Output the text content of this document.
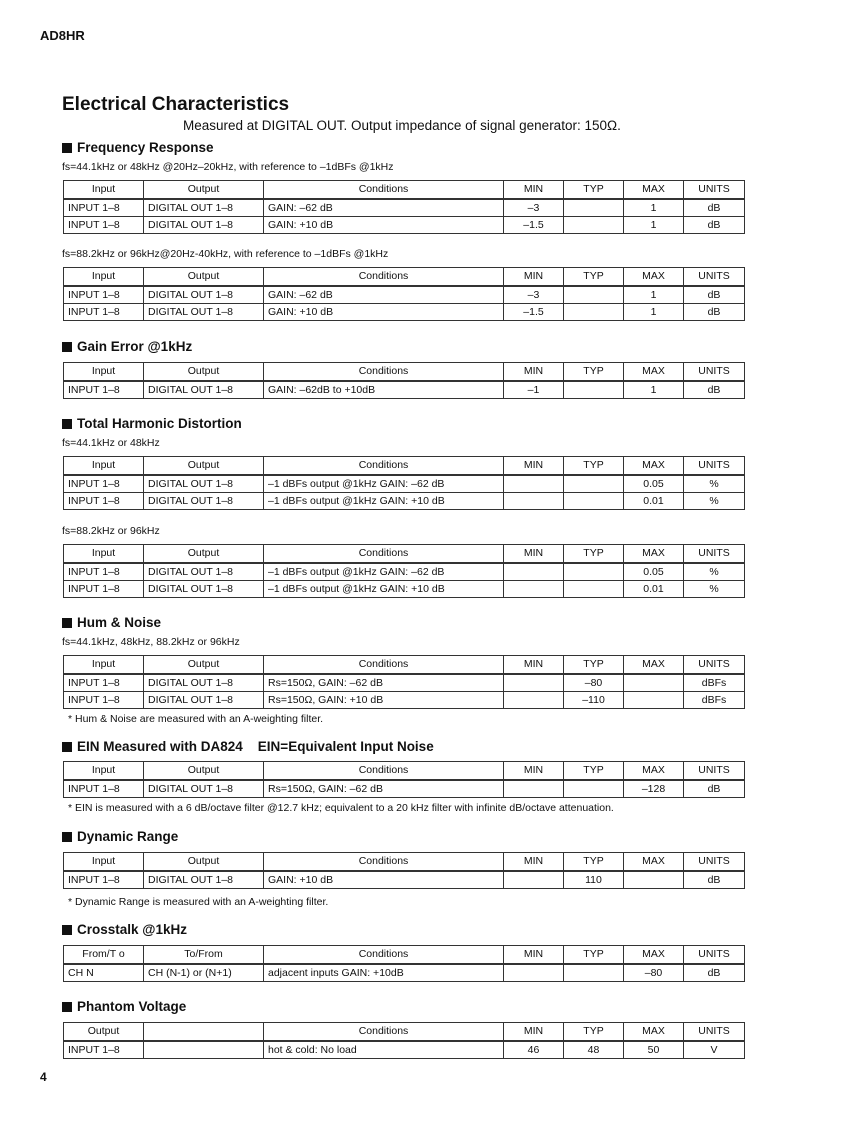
AD8HR
Electrical Characteristics
Measured at DIGITAL OUT. Output impedance of signal generator: 150Ω.
Frequency Response
fs=44.1kHz or 48kHz @20Hz–20kHz, with reference to –1dBFs @1kHz
Input	Output	Conditions	MIN	TYP	MAX	UNITS
INPUT 1–8	DIGITAL OUT 1–8	GAIN: –62 dB	–3		1	dB
INPUT 1–8	DIGITAL OUT 1–8	GAIN: +10 dB	–1.5		1	dB
fs=88.2kHz or 96kHz@20Hz-40kHz, with reference to –1dBFs @1kHz
Input	Output	Conditions	MIN	TYP	MAX	UNITS
INPUT 1–8	DIGITAL OUT 1–8	GAIN: –62 dB	–3		1	dB
INPUT 1–8	DIGITAL OUT 1–8	GAIN: +10 dB	–1.5		1	dB
Gain Error @1kHz
Input	Output	Conditions	MIN	TYP	MAX	UNITS
INPUT 1–8	DIGITAL OUT 1–8	GAIN: –62dB to +10dB	–1		1	dB
Total Harmonic Distortion
fs=44.1kHz or 48kHz
Input	Output	Conditions	MIN	TYP	MAX	UNITS
INPUT 1–8	DIGITAL OUT 1–8	–1 dBFs output @1kHz GAIN: –62 dB			0.05	%
INPUT 1–8	DIGITAL OUT 1–8	–1 dBFs output @1kHz GAIN: +10 dB			0.01	%
fs=88.2kHz or 96kHz
Input	Output	Conditions	MIN	TYP	MAX	UNITS
INPUT 1–8	DIGITAL OUT 1–8	–1 dBFs output @1kHz GAIN: –62 dB			0.05	%
INPUT 1–8	DIGITAL OUT 1–8	–1 dBFs output @1kHz GAIN: +10 dB			0.01	%
Hum & Noise
fs=44.1kHz, 48kHz, 88.2kHz or 96kHz
Input	Output	Conditions	MIN	TYP	MAX	UNITS
INPUT 1–8	DIGITAL OUT 1–8	Rs=150Ω, GAIN: –62 dB		–80		dBFs
INPUT 1–8	DIGITAL OUT 1–8	Rs=150Ω, GAIN: +10 dB		–110		dBFs
* Hum & Noise are measured with an A-weighting filter.
EIN Measured with DA824    EIN=Equivalent Input Noise
Input	Output	Conditions	MIN	TYP	MAX	UNITS
INPUT 1–8	DIGITAL OUT 1–8	Rs=150Ω, GAIN: –62 dB			–128	dB
* EIN is measured with a 6 dB/octave filter @12.7 kHz; equivalent to a 20 kHz filter with infinite dB/octave attenuation.
Dynamic Range
Input	Output	Conditions	MIN	TYP	MAX	UNITS
INPUT 1–8	DIGITAL OUT 1–8	GAIN: +10 dB		110		dB
* Dynamic Range is measured with an A-weighting filter.
Crosstalk @1kHz
From/T o	To/From	Conditions	MIN	TYP	MAX	UNITS
CH N	CH (N-1) or (N+1)	adjacent inputs GAIN: +10dB			–80	dB
Phantom Voltage
Output		Conditions	MIN	TYP	MAX	UNITS
INPUT 1–8		hot & cold: No load	46	48	50	V
4
